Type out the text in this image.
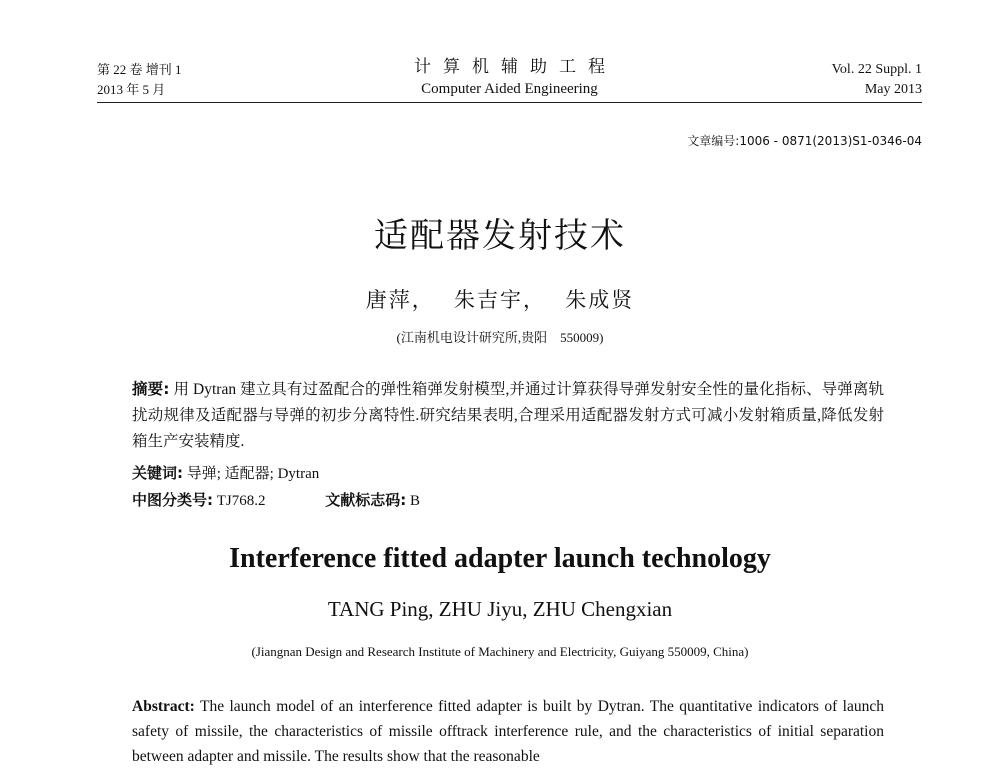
第 22 卷 增刊 1
2013 年 5 月
计算机辅助工程
Computer Aided Engineering
Vol. 22 Suppl. 1
May 2013
文章编号:1006 - 0871(2013)S1-0346-04
适配器发射技术
唐萍， 朱吉宇， 朱成贤
(江南机电设计研究所,贵阳　550009)
摘要: 用 Dytran 建立具有过盈配合的弹性箱弹发射模型,并通过计算获得导弹发射安全性的量化指标、导弹离轨扰动规律及适配器与导弹的初步分离特性.研究结果表明,合理采用适配器发射方式可减小发射箱质量,降低发射箱生产安装精度.
关键词: 导弹; 适配器; Dytran
中图分类号: TJ768.2	文献标志码: B
Interference fitted adapter launch technology
TANG Ping, ZHU Jiyu, ZHU Chengxian
(Jiangnan Design and Research Institute of Machinery and Electricity, Guiyang 550009, China)
Abstract: The launch model of an interference fitted adapter is built by Dytran. The quantitative indicators of launch safety of missile, the characteristics of missile offtrack interference rule, and the characteristics of initial separation between adapter and missile. The results show that the reasonable
